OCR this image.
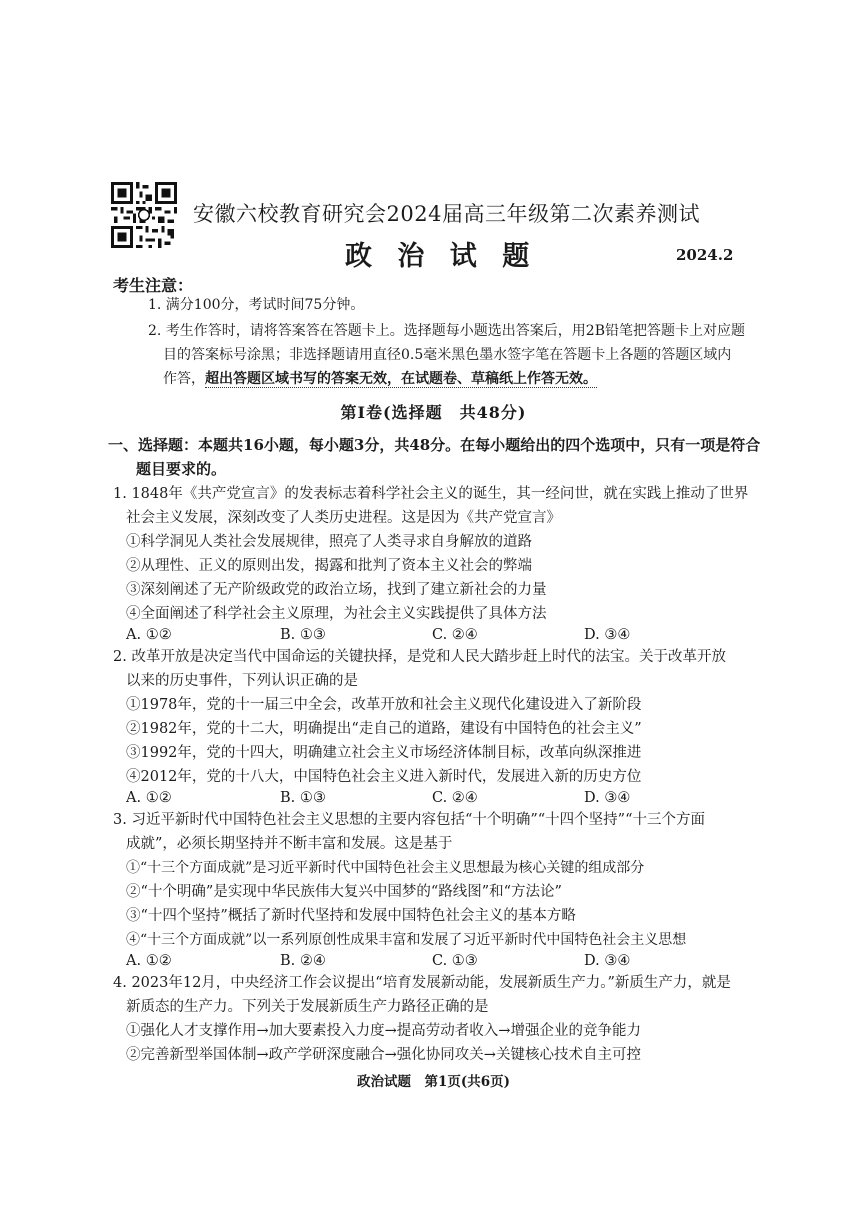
安徽六校教育研究会2024届高三年级第二次素养测试
政 治 试 题	2024.2
考生注意：
1. 满分100分，考试时间75分钟。
2. 考生作答时，请将答案答在答题卡上。选择题每小题选出答案后，用2B铅笔把答题卡上对应题
目的答案标号涂黑；非选择题请用直径0.5毫米黑色墨水签字笔在答题卡上各题的答题区域内
作答，超出答题区域书写的答案无效，在试题卷、草稿纸上作答无效。
第Ⅰ卷(选择题　共48分)
一、选择题：本题共16小题，每小题3分，共48分。在每小题给出的四个选项中，只有一项是符合
题目要求的。
1. 1848年《共产党宣言》的发表标志着科学社会主义的诞生，其一经问世，就在实践上推动了世界
社会主义发展，深刻改变了人类历史进程。这是因为《共产党宣言》
①科学洞见人类社会发展规律，照亮了人类寻求自身解放的道路
②从理性、正义的原则出发，揭露和批判了资本主义社会的弊端
③深刻阐述了无产阶级政党的政治立场，找到了建立新社会的力量
④全面阐述了科学社会主义原理，为社会主义实践提供了具体方法
A. ①②	B. ①③	C. ②④	D. ③④
2. 改革开放是决定当代中国命运的关键抉择，是党和人民大踏步赶上时代的法宝。关于改革开放
以来的历史事件，下列认识正确的是
①1978年，党的十一届三中全会，改革开放和社会主义现代化建设进入了新阶段
②1982年，党的十二大，明确提出“走自己的道路，建设有中国特色的社会主义”
③1992年，党的十四大，明确建立社会主义市场经济体制目标，改革向纵深推进
④2012年，党的十八大，中国特色社会主义进入新时代，发展进入新的历史方位
A. ①②	B. ①③	C. ②④	D. ③④
3. 习近平新时代中国特色社会主义思想的主要内容包括“十个明确”“十四个坚持”“十三个方面
成就”，必须长期坚持并不断丰富和发展。这是基于
①“十三个方面成就”是习近平新时代中国特色社会主义思想最为核心关键的组成部分
②“十个明确”是实现中华民族伟大复兴中国梦的“路线图”和“方法论”
③“十四个坚持”概括了新时代坚持和发展中国特色社会主义的基本方略
④“十三个方面成就”以一系列原创性成果丰富和发展了习近平新时代中国特色社会主义思想
A. ①②	B. ②④	C. ①③	D. ③④
4. 2023年12月，中央经济工作会议提出“培育发展新动能，发展新质生产力。”新质生产力，就是
新质态的生产力。下列关于发展新质生产力路径正确的是
①强化人才支撑作用→加大要素投入力度→提高劳动者收入→增强企业的竞争能力
②完善新型举国体制→政产学研深度融合→强化协同攻关→关键核心技术自主可控
政治试题　第1页(共6页)
